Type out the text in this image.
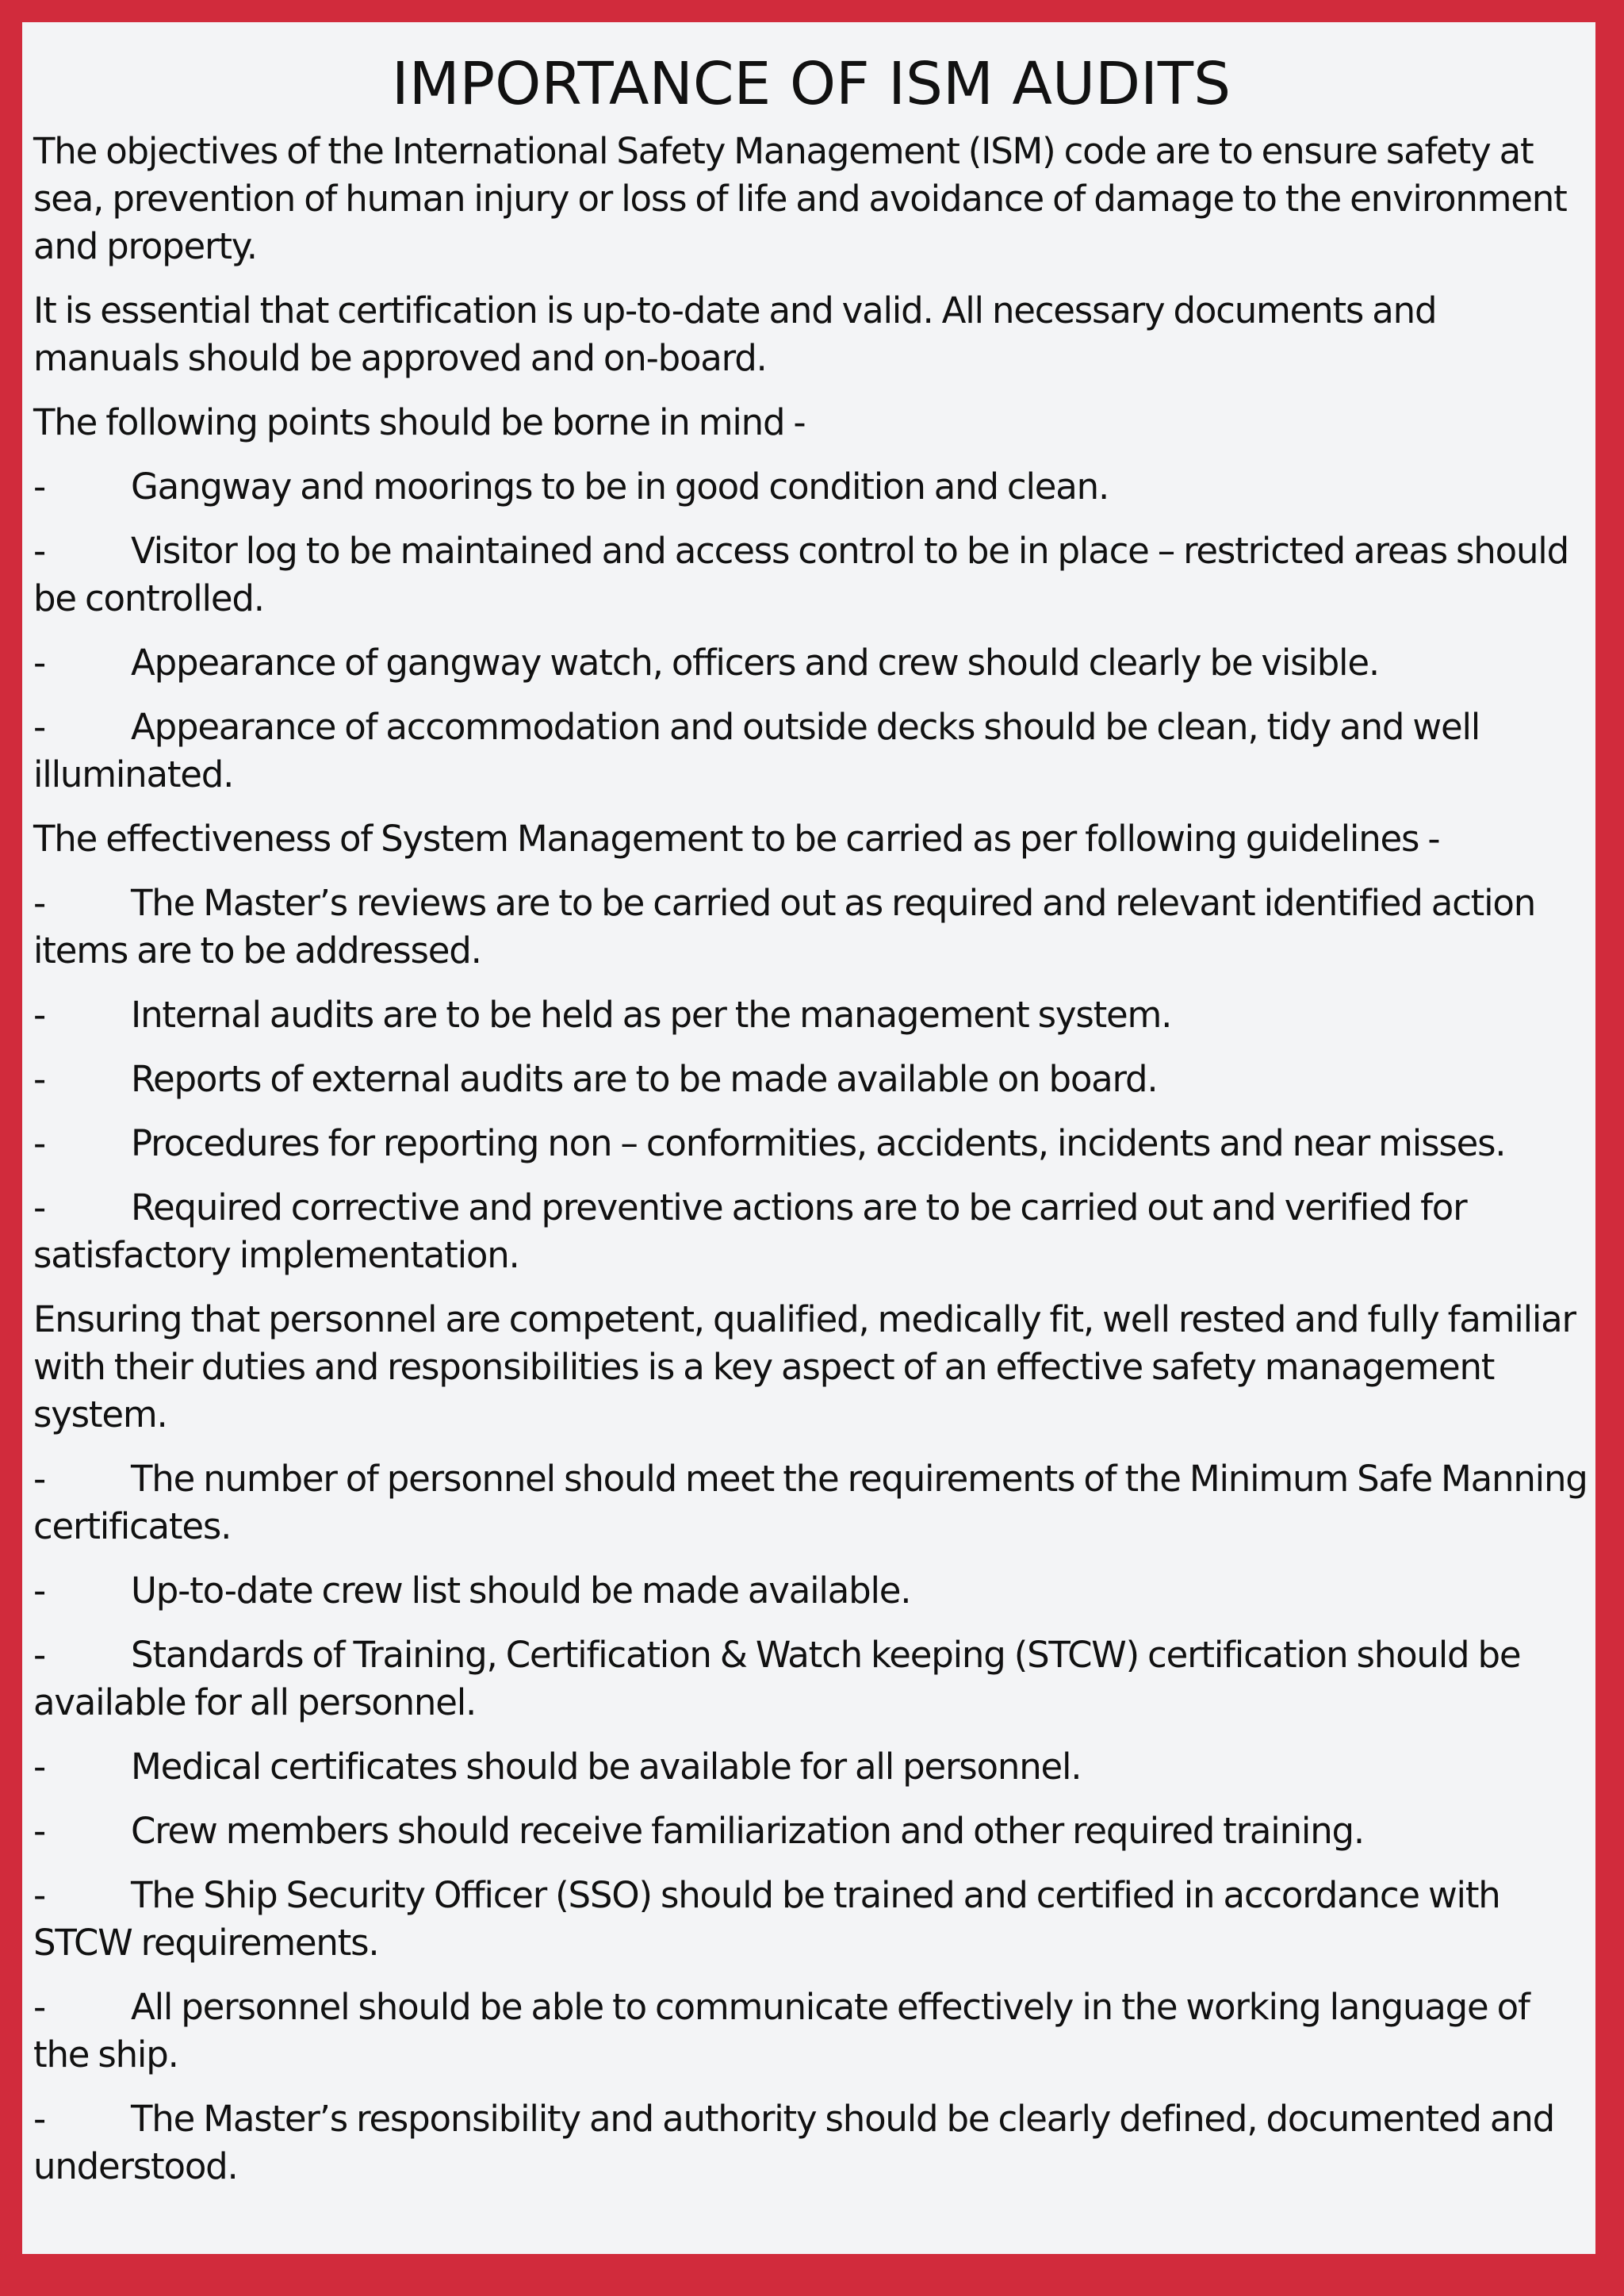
IMPORTANCE OF ISM AUDITS
The objectives of the International Safety Management (ISM) code are to ensure safety at sea, prevention of human injury or loss of life and avoidance of damage to the environment and property.
It is essential that certification is up-to-date and valid. All necessary documents and manuals should be approved and on-board.
The following points should be borne in mind -
- Gangway and moorings to be in good condition and clean.
- Visitor log to be maintained and access control to be in place – restricted areas should be controlled.
- Appearance of gangway watch, officers and crew should clearly be visible.
- Appearance of accommodation and outside decks should be clean, tidy and well illuminated.
The effectiveness of System Management to be carried as per following guidelines -
- The Master’s reviews are to be carried out as required and relevant identified action items are to be addressed.
- Internal audits are to be held as per the management system.
- Reports of external audits are to be made available on board.
- Procedures for reporting non – conformities, accidents, incidents and near misses.
- Required corrective and preventive actions are to be carried out and verified for satisfactory implementation.
Ensuring that personnel are competent, qualified, medically fit, well rested and fully familiar with their duties and responsibilities is a key aspect of an effective safety management system.
- The number of personnel should meet the requirements of the Minimum Safe Manning certificates.
- Up-to-date crew list should be made available.
- Standards of Training, Certification & Watch keeping (STCW) certification should be available for all personnel.
- Medical certificates should be available for all personnel.
- Crew members should receive familiarization and other required training.
- The Ship Security Officer (SSO) should be trained and certified in accordance with STCW requirements.
- All personnel should be able to communicate effectively in the working language of the ship.
- The Master’s responsibility and authority should be clearly defined, documented and understood.
